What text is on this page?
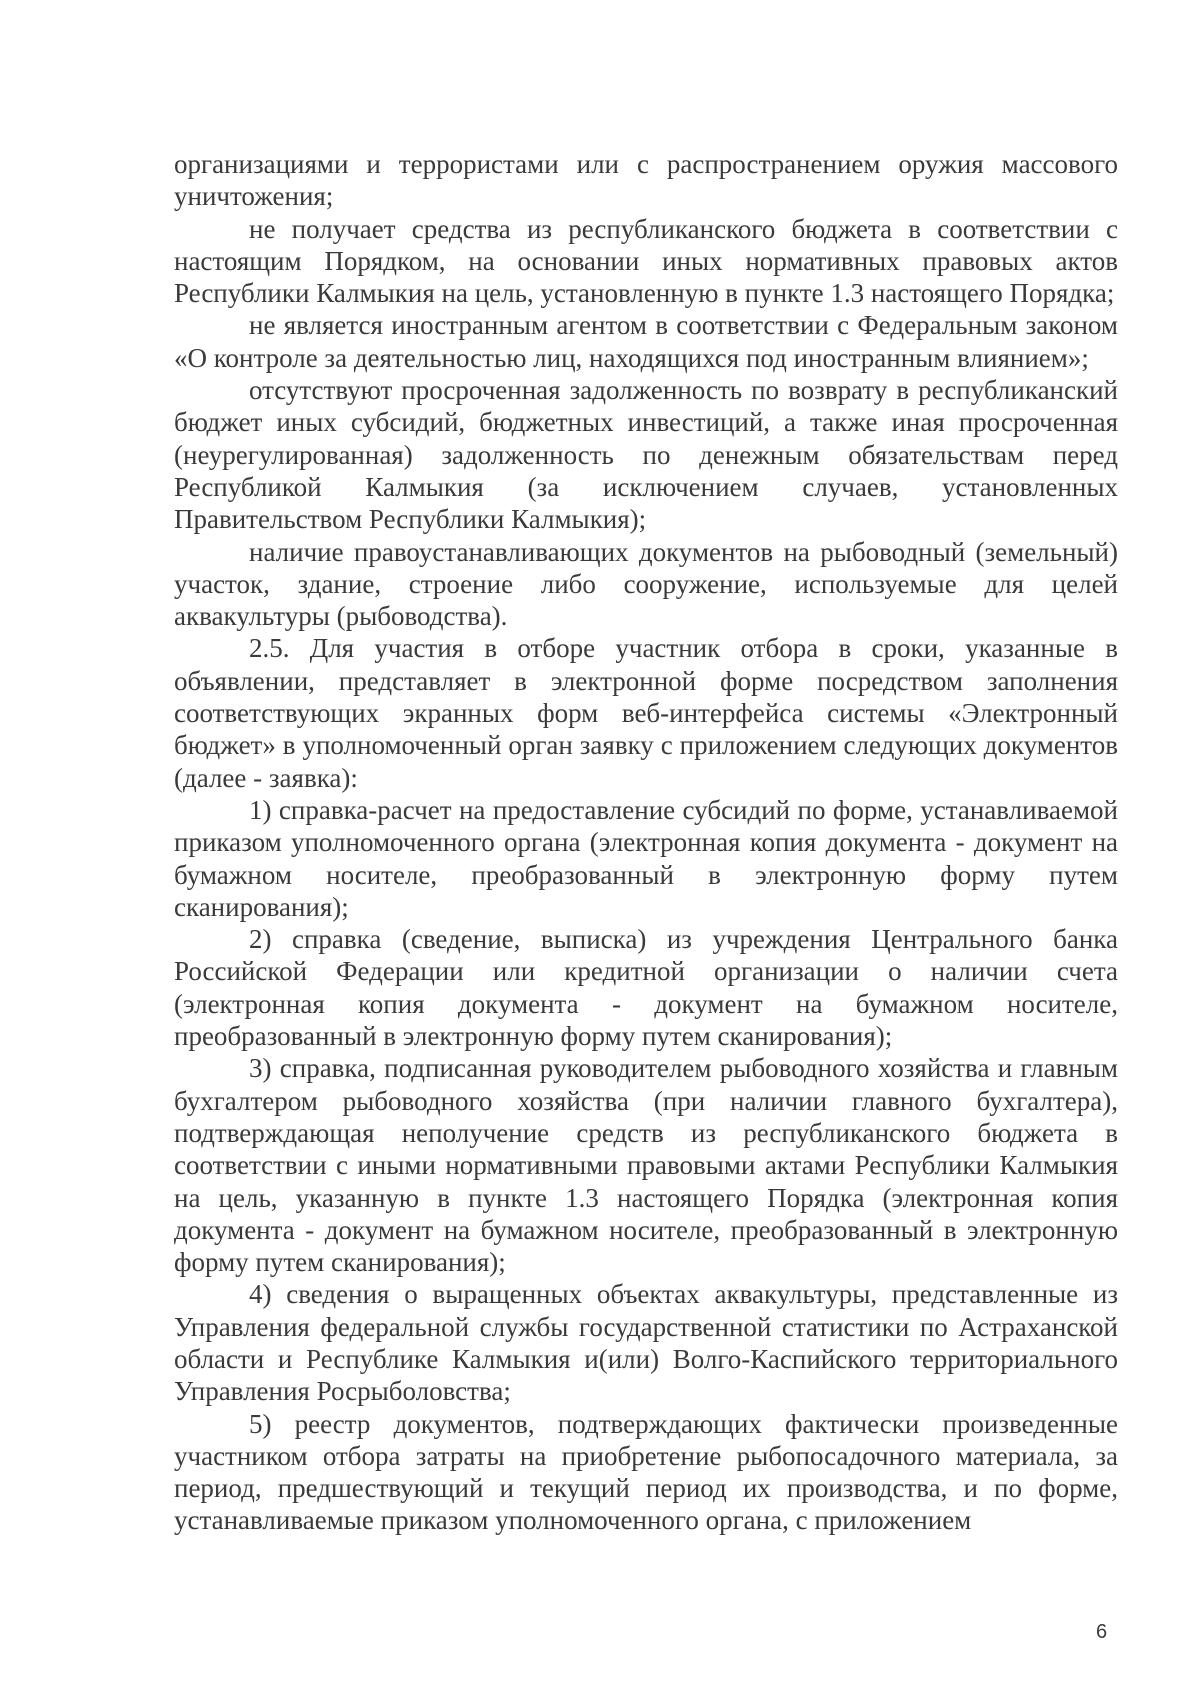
организациями и террористами или с распространением оружия массового уничтожения;

не получает средства из республиканского бюджета в соответствии с настоящим Порядком, на основании иных нормативных правовых актов Республики Калмыкия на цель, установленную в пункте 1.3 настоящего Порядка;

не является иностранным агентом в соответствии с Федеральным законом «О контроле за деятельностью лиц, находящихся под иностранным влиянием»;

отсутствуют просроченная задолженность по возврату в республиканский бюджет иных субсидий, бюджетных инвестиций, а также иная просроченная (неурегулированная) задолженность по денежным обязательствам перед Республикой Калмыкия (за исключением случаев, установленных Правительством Республики Калмыкия);

наличие правоустанавливающих документов на рыбоводный (земельный) участок, здание, строение либо сооружение, используемые для целей аквакультуры (рыбоводства).

2.5. Для участия в отборе участник отбора в сроки, указанные в объявлении, представляет в электронной форме посредством заполнения соответствующих экранных форм веб-интерфейса системы «Электронный бюджет» в уполномоченный орган заявку с приложением следующих документов (далее - заявка):

1) справка-расчет на предоставление субсидий по форме, устанавливаемой приказом уполномоченного органа (электронная копия документа - документ на бумажном носителе, преобразованный в электронную форму путем сканирования);

2) справка (сведение, выписка) из учреждения Центрального банка Российской Федерации или кредитной организации о наличии счета (электронная копия документа - документ на бумажном носителе, преобразованный в электронную форму путем сканирования);

3) справка, подписанная руководителем рыбоводного хозяйства и главным бухгалтером рыбоводного хозяйства (при наличии главного бухгалтера), подтверждающая неполучение средств из республиканского бюджета в соответствии с иными нормативными правовыми актами Республики Калмыкия на цель, указанную в пункте 1.3 настоящего Порядка (электронная копия документа - документ на бумажном носителе, преобразованный в электронную форму путем сканирования);

4) сведения о выращенных объектах аквакультуры, представленные из Управления федеральной службы государственной статистики по Астраханской области и Республике Калмыкия и(или) Волго-Каспийского территориального Управления Росрыболовства;

5) реестр документов, подтверждающих фактически произведенные участником отбора затраты на приобретение рыбопосадочного материала, за период, предшествующий и текущий период их производства, и по форме, устанавливаемые приказом уполномоченного органа, с приложением

6
